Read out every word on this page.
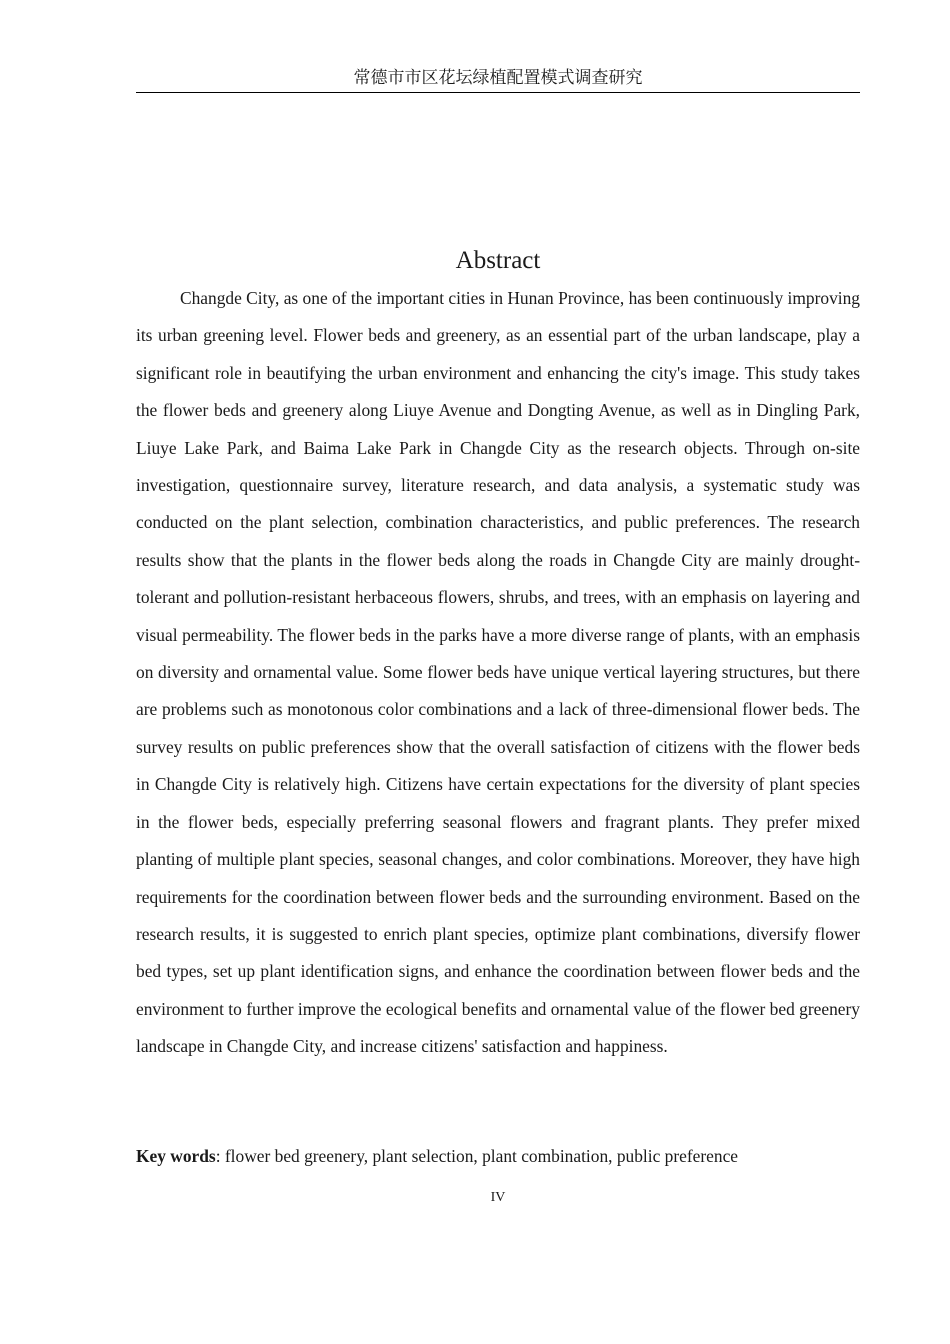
常德市市区花坛绿植配置模式调查研究
Abstract

Changde City, as one of the important cities in Hunan Province, has been continuously improving its urban greening level. Flower beds and greenery, as an essential part of the urban landscape, play a significant role in beautifying the urban environment and enhancing the city's image. This study takes the flower beds and greenery along Liuye Avenue and Dongting Avenue, as well as in Dingling Park, Liuye Lake Park, and Baima Lake Park in Changde City as the research objects. Through on-site investigation, questionnaire survey, literature research, and data analysis, a systematic study was conducted on the plant selection, combination characteristics, and public preferences. The research results show that the plants in the flower beds along the roads in Changde City are mainly drought-tolerant and pollution-resistant herbaceous flowers, shrubs, and trees, with an emphasis on layering and visual permeability. The flower beds in the parks have a more diverse range of plants, with an emphasis on diversity and ornamental value. Some flower beds have unique vertical layering structures, but there are problems such as monotonous color combinations and a lack of three-dimensional flower beds. The survey results on public preferences show that the overall satisfaction of citizens with the flower beds in Changde City is relatively high. Citizens have certain expectations for the diversity of plant species in the flower beds, especially preferring seasonal flowers and fragrant plants. They prefer mixed planting of multiple plant species, seasonal changes, and color combinations. Moreover, they have high requirements for the coordination between flower beds and the surrounding environment. Based on the research results, it is suggested to enrich plant species, optimize plant combinations, diversify flower bed types, set up plant identification signs, and enhance the coordination between flower beds and the environment to further improve the ecological benefits and ornamental value of the flower bed greenery landscape in Changde City, and increase citizens' satisfaction and happiness.

Key words: flower bed greenery, plant selection, plant combination, public preference

IV
